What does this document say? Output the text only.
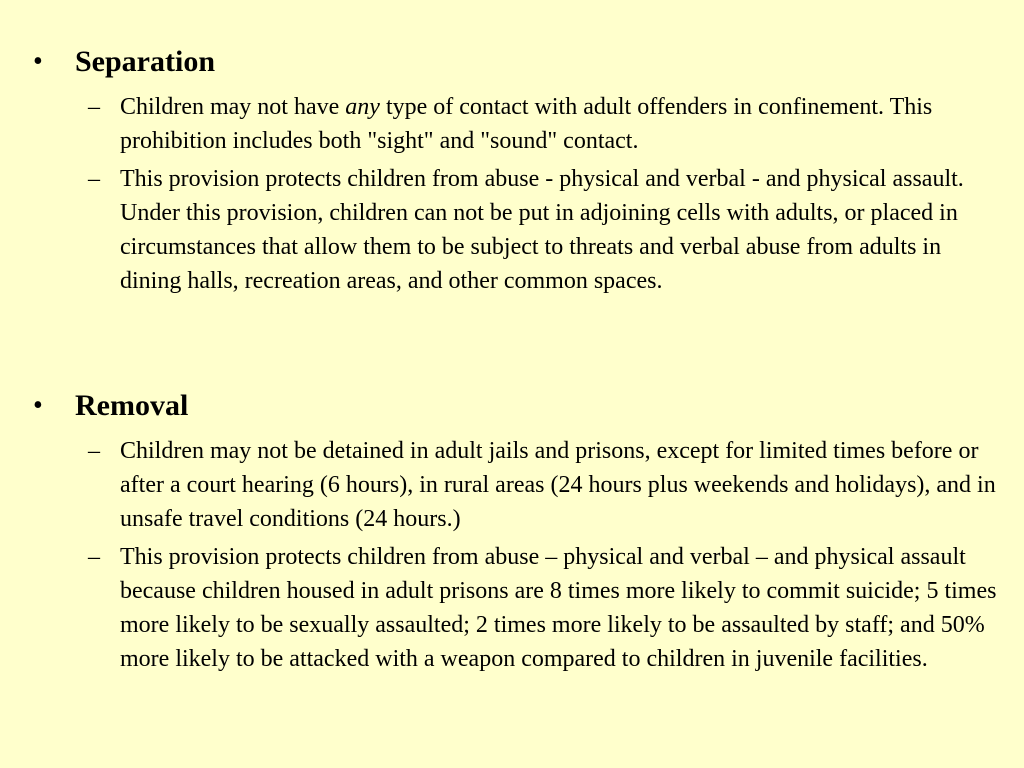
• Separation
– Children may not have any type of contact with adult offenders in confinement. This prohibition includes both "sight" and "sound" contact.
– This provision protects children from abuse - physical and verbal - and physical assault. Under this provision, children can not be put in adjoining cells with adults, or placed in circumstances that allow them to be subject to threats and verbal abuse from adults in dining halls, recreation areas, and other common spaces.
• Removal
– Children may not be detained in adult jails and prisons, except for limited times before or after a court hearing (6 hours), in rural areas (24 hours plus weekends and holidays), and in unsafe travel conditions (24 hours.)
– This provision protects children from abuse – physical and verbal – and physical assault because children housed in adult prisons are 8 times more likely to commit suicide; 5 times more likely to be sexually assaulted; 2 times more likely to be assaulted by staff; and 50% more likely to be attacked with a weapon compared to children in juvenile facilities.
